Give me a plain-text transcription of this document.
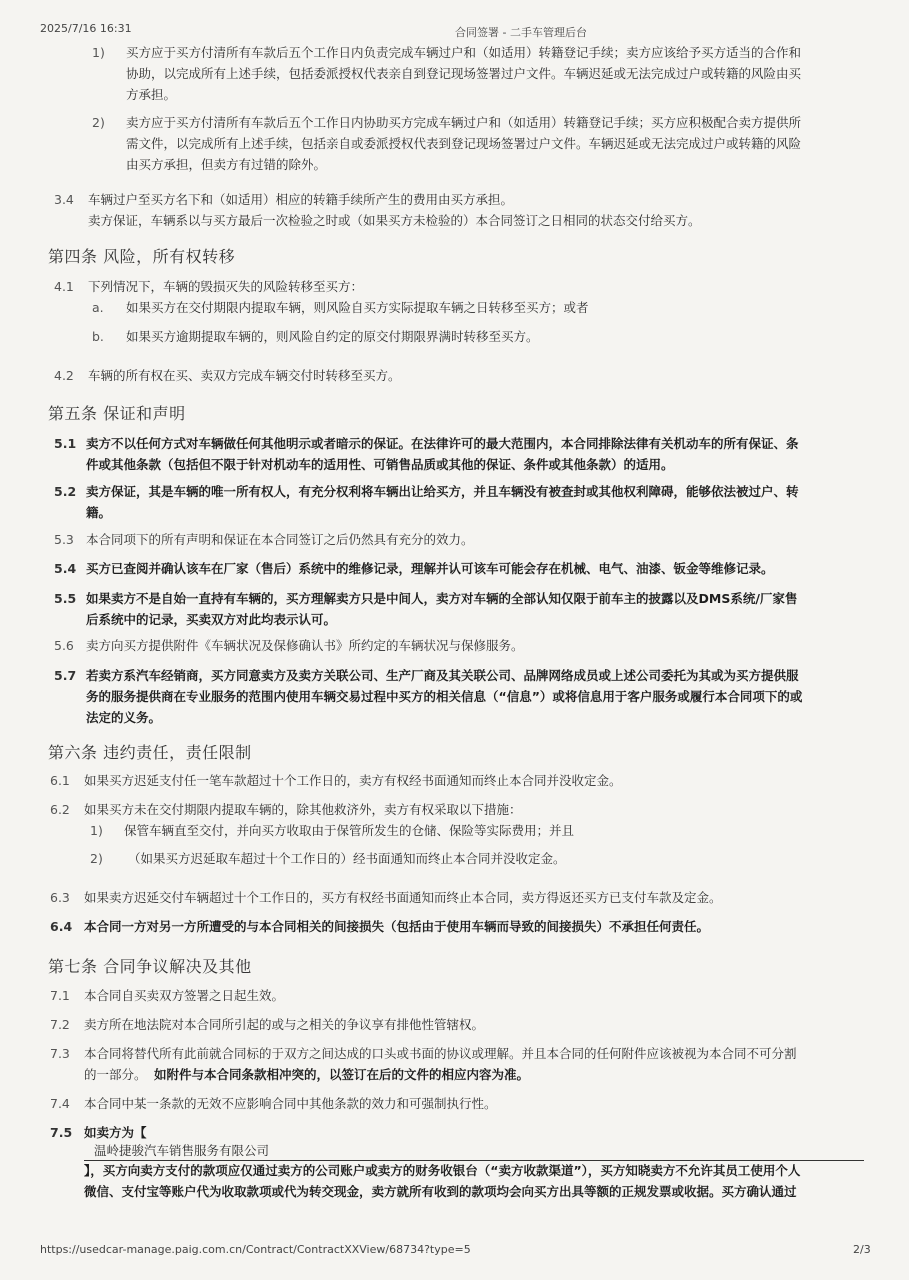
2025/7/16 16:31	合同签署 - 二手车管理后台
1) 买方应于买方付清所有车款后五个工作日内负责完成车辆过户和（如适用）转籍登记手续；卖方应该给予买方适当的合作和
协助，以完成所有上述手续，包括委派授权代表亲自到登记现场签署过户文件。车辆迟延或无法完成过户或转籍的风险由买
方承担。
2) 卖方应于买方付清所有车款后五个工作日内协助买方完成车辆过户和（如适用）转籍登记手续；买方应积极配合卖方提供所
需文件，以完成所有上述手续，包括亲自或委派授权代表到登记现场签署过户文件。车辆迟延或无法完成过户或转籍的风险
由买方承担，但卖方有过错的除外。
3.4 车辆过户至买方名下和（如适用）相应的转籍手续所产生的费用由买方承担。
卖方保证，车辆系以与买方最后一次检验之时或（如果买方未检验的）本合同签订之日相同的状态交付给买方。
第四条 风险，所有权转移
4.1 下列情况下，车辆的毁损灭失的风险转移至买方：
a. 如果买方在交付期限内提取车辆，则风险自买方实际提取车辆之日转移至买方；或者
b. 如果买方逾期提取车辆的，则风险自约定的原交付期限界满时转移至买方。
4.2 车辆的所有权在买、卖双方完成车辆交付时转移至买方。
第五条 保证和声明
5.1 卖方不以任何方式对车辆做任何其他明示或者暗示的保证。在法律许可的最大范围内，本合同排除法律有关机动车的所有保证、条
件或其他条款（包括但不限于针对机动车的适用性、可销售品质或其他的保证、条件或其他条款）的适用。
5.2 卖方保证，其是车辆的唯一所有权人，有充分权利将车辆出让给买方，并且车辆没有被查封或其他权利障碍，能够依法被过户、转
籍。
5.3 本合同项下的所有声明和保证在本合同签订之后仍然具有充分的效力。
5.4 买方已查阅并确认该车在厂家（售后）系统中的维修记录，理解并认可该车可能会存在机械、电气、油漆、钣金等维修记录。
5.5 如果卖方不是自始一直持有车辆的，买方理解卖方只是中间人，卖方对车辆的全部认知仅限于前车主的披露以及DMS系统/厂家售
后系统中的记录，买卖双方对此均表示认可。
5.6 卖方向买方提供附件《车辆状况及保修确认书》所约定的车辆状况与保修服务。
5.7 若卖方系汽车经销商，买方同意卖方及卖方关联公司、生产厂商及其关联公司、品牌网络成员或上述公司委托为其或为买方提供服
务的服务提供商在专业服务的范围内使用车辆交易过程中买方的相关信息（“信息”）或将信息用于客户服务或履行本合同项下的或
法定的义务。
第六条 违约责任，责任限制
6.1 如果买方迟延支付任一笔车款超过十个工作日的，卖方有权经书面通知而终止本合同并没收定金。
6.2 如果买方未在交付期限内提取车辆的，除其他救济外，卖方有权采取以下措施：
1) 保管车辆直至交付，并向买方收取由于保管所发生的仓储、保险等实际费用；并且
2) （如果买方迟延取车超过十个工作日的）经书面通知而终止本合同并没收定金。
6.3 如果卖方迟延交付车辆超过十个工作日的，买方有权经书面通知而终止本合同，卖方得返还买方已支付车款及定金。
6.4 本合同一方对另一方所遭受的与本合同相关的间接损失（包括由于使用车辆而导致的间接损失）不承担任何责任。
第七条 合同争议解决及其他
7.1 本合同自买卖双方签署之日起生效。
7.2 卖方所在地法院对本合同所引起的或与之相关的争议享有排他性管辖权。
7.3 本合同将替代所有此前就合同标的于双方之间达成的口头或书面的协议或理解。并且本合同的任何附件应该被视为本合同不可分割
的一部分。 如附件与本合同条款相冲突的，以签订在后的文件的相应内容为准。
7.4 本合同中某一条款的无效不应影响合同中其他条款的效力和可强制执行性。
7.5 如卖方为【
温岭捷骏汽车销售服务有限公司
】，买方向卖方支付的款项应仅通过卖方的公司账户或卖方的财务收银台（“卖方收款渠道”），买方知晓卖方不允许其员工使用个人
微信、支付宝等账户代为收取款项或代为转交现金，卖方就所有收到的款项均会向买方出具等额的正规发票或收据。买方确认通过
https://usedcar-manage.paig.com.cn/Contract/ContractXXView/68734?type=5	2/3
